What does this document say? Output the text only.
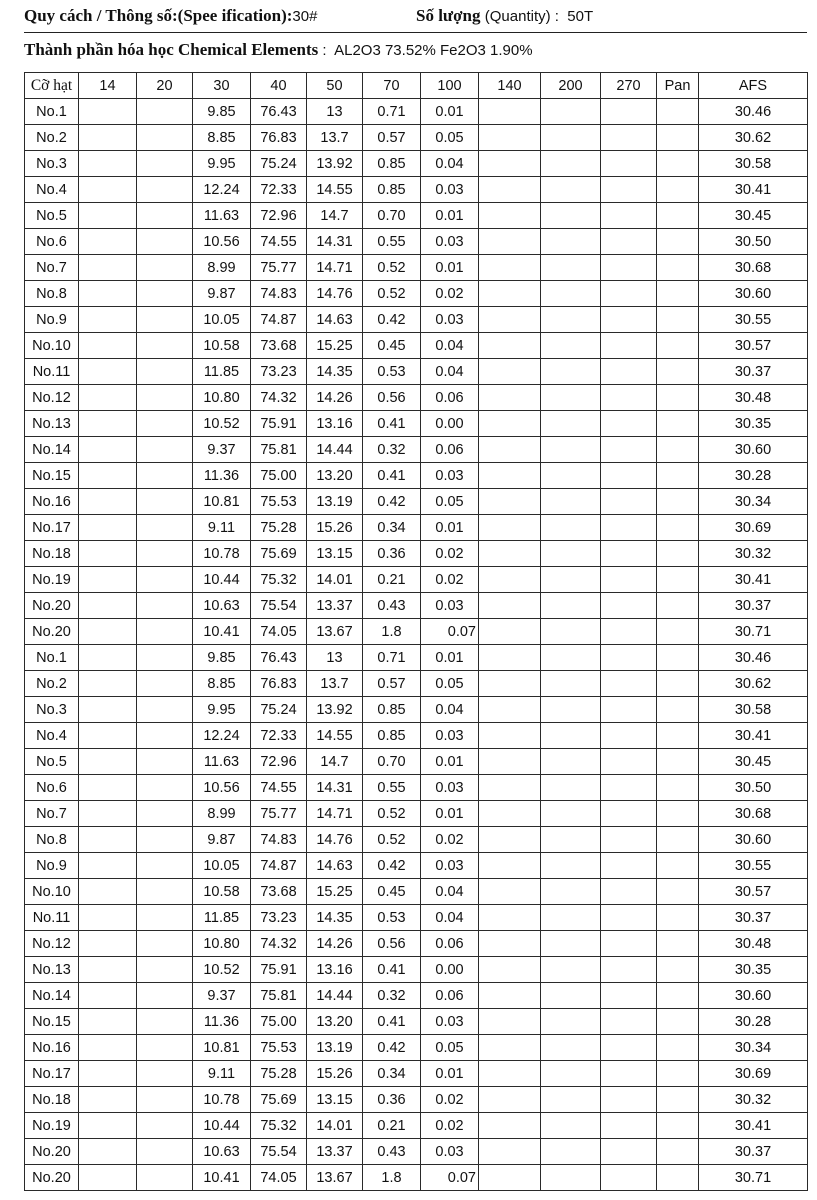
Quy cách / Thông số:(Spee ification):30#	Số lượng (Quantity) :  50T
Thành phần hóa học Chemical Elements :  AL2O3 73.52% Fe2O3 1.90%
Cỡ hạt	14	20	30	40	50	70	100	140	200	270	Pan	AFS
No.1			9.85	76.43	13	0.71	0.01					30.46
No.2			8.85	76.83	13.7	0.57	0.05					30.62
No.3			9.95	75.24	13.92	0.85	0.04					30.58
No.4			12.24	72.33	14.55	0.85	0.03					30.41
No.5			11.63	72.96	14.7	0.70	0.01					30.45
No.6			10.56	74.55	14.31	0.55	0.03					30.50
No.7			8.99	75.77	14.71	0.52	0.01					30.68
No.8			9.87	74.83	14.76	0.52	0.02					30.60
No.9			10.05	74.87	14.63	0.42	0.03					30.55
No.10			10.58	73.68	15.25	0.45	0.04					30.57
No.11			11.85	73.23	14.35	0.53	0.04					30.37
No.12			10.80	74.32	14.26	0.56	0.06					30.48
No.13			10.52	75.91	13.16	0.41	0.00					30.35
No.14			9.37	75.81	14.44	0.32	0.06					30.60
No.15			11.36	75.00	13.20	0.41	0.03					30.28
No.16			10.81	75.53	13.19	0.42	0.05					30.34
No.17			9.11	75.28	15.26	0.34	0.01					30.69
No.18			10.78	75.69	13.15	0.36	0.02					30.32
No.19			10.44	75.32	14.01	0.21	0.02					30.41
No.20			10.63	75.54	13.37	0.43	0.03					30.37
No.20			10.41	74.05	13.67	1.8	0.07					30.71
No.1			9.85	76.43	13	0.71	0.01					30.46
No.2			8.85	76.83	13.7	0.57	0.05					30.62
No.3			9.95	75.24	13.92	0.85	0.04					30.58
No.4			12.24	72.33	14.55	0.85	0.03					30.41
No.5			11.63	72.96	14.7	0.70	0.01					30.45
No.6			10.56	74.55	14.31	0.55	0.03					30.50
No.7			8.99	75.77	14.71	0.52	0.01					30.68
No.8			9.87	74.83	14.76	0.52	0.02					30.60
No.9			10.05	74.87	14.63	0.42	0.03					30.55
No.10			10.58	73.68	15.25	0.45	0.04					30.57
No.11			11.85	73.23	14.35	0.53	0.04					30.37
No.12			10.80	74.32	14.26	0.56	0.06					30.48
No.13			10.52	75.91	13.16	0.41	0.00					30.35
No.14			9.37	75.81	14.44	0.32	0.06					30.60
No.15			11.36	75.00	13.20	0.41	0.03					30.28
No.16			10.81	75.53	13.19	0.42	0.05					30.34
No.17			9.11	75.28	15.26	0.34	0.01					30.69
No.18			10.78	75.69	13.15	0.36	0.02					30.32
No.19			10.44	75.32	14.01	0.21	0.02					30.41
No.20			10.63	75.54	13.37	0.43	0.03					30.37
No.20			10.41	74.05	13.67	1.8	0.07					30.71
